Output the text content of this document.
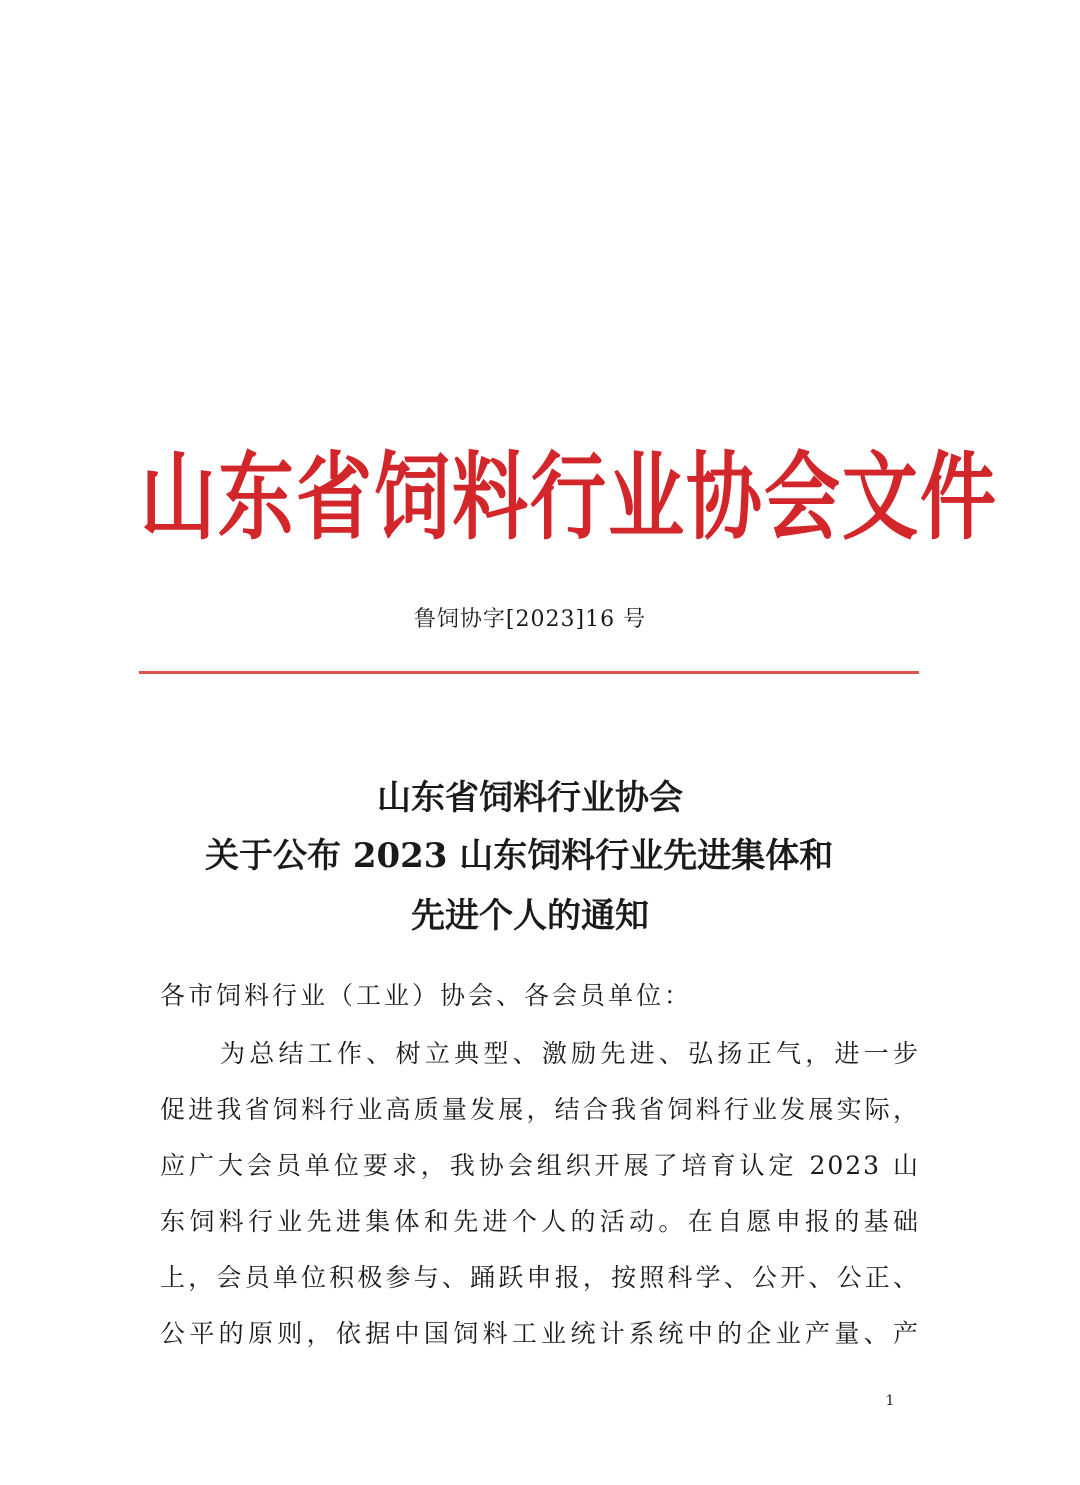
山东省饲料行业协会文件
鲁饲协字[2023]16 号
山东省饲料行业协会
关于公布 2023 山东饲料行业先进集体和
先进个人的通知
各市饲料行业（工业）协会、各会员单位：
为总结工作、树立典型、激励先进、弘扬正气，进一步
促进我省饲料行业高质量发展，结合我省饲料行业发展实际，
应广大会员单位要求，我协会组织开展了培育认定 2023 山
东饲料行业先进集体和先进个人的活动。在自愿申报的基础
上，会员单位积极参与、踊跃申报，按照科学、公开、公正、
公平的原则，依据中国饲料工业统计系统中的企业产量、产
1
